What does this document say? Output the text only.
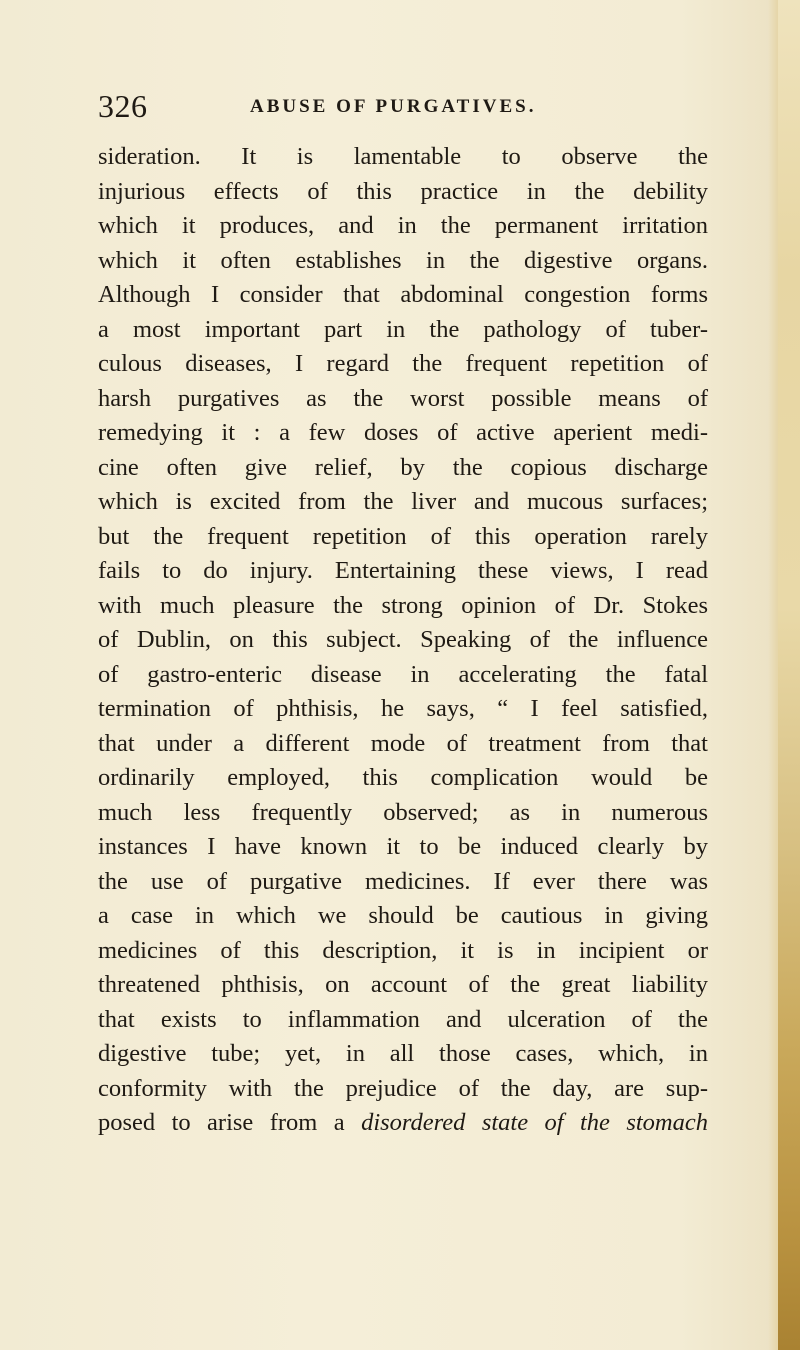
326	ABUSE OF PURGATIVES.
sideration. It is lamentable to observe the
injurious effects of this practice in the debility
which it produces, and in the permanent irritation
which it often establishes in the digestive organs.
Although I consider that abdominal congestion forms
a most important part in the pathology of tuber-
culous diseases, I regard the frequent repetition of
harsh purgatives as the worst possible means of
remedying it : a few doses of active aperient medi-
cine often give relief, by the copious discharge
which is excited from the liver and mucous surfaces;
but the frequent repetition of this operation rarely
fails to do injury. Entertaining these views, I read
with much pleasure the strong opinion of Dr. Stokes
of Dublin, on this subject. Speaking of the influence
of gastro-enteric disease in accelerating the fatal
termination of phthisis, he says, “ I feel satisfied,
that under a different mode of treatment from that
ordinarily employed, this complication would be
much less frequently observed; as in numerous
instances I have known it to be induced clearly by
the use of purgative medicines. If ever there was
a case in which we should be cautious in giving
medicines of this description, it is in incipient or
threatened phthisis, on account of the great liability
that exists to inflammation and ulceration of the
digestive tube; yet, in all those cases, which, in
conformity with the prejudice of the day, are sup-
posed to arise from a disordered state of the stomach
